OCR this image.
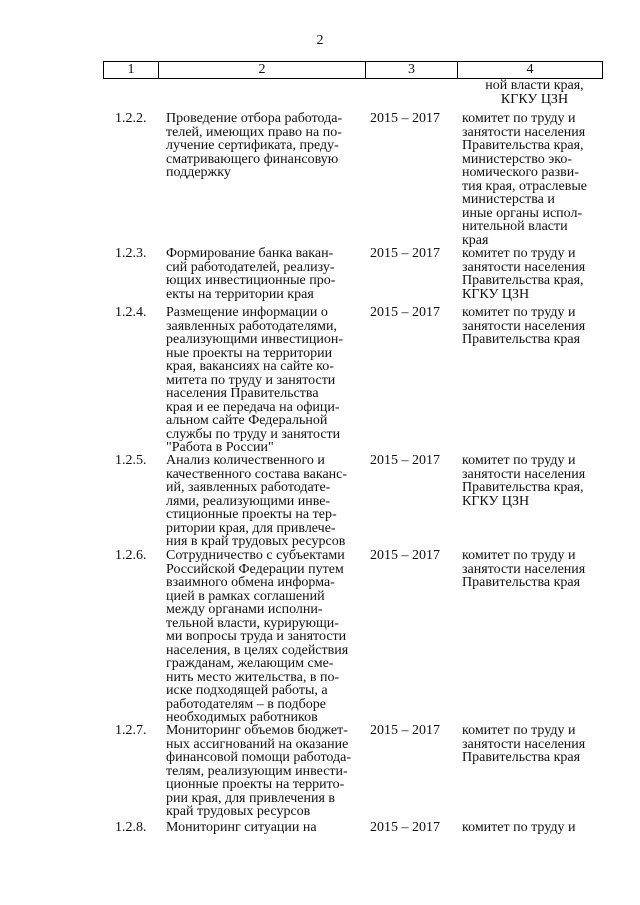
2
1	2	3	4
ной власти края,
КГКУ ЦЗН
1.2.2. Проведение отбора работода-
телей, имеющих право на по-
лучение сертификата, преду-
сматривающего финансовую
поддержку
2015 – 2017	комитет по труду и
занятости населения
Правительства края,
министерство эко-
номического разви-
тия края, отраслевые
министерства и
иные органы испол-
нительной власти
края
1.2.3. Формирование банка вакан-
сий работодателей, реализу-
ющих инвестиционные про-
екты на территории края
2015 – 2017	комитет по труду и
занятости населения
Правительства края,
КГКУ ЦЗН
1.2.4. Размещение информации о
заявленных работодателями,
реализующими инвестицион-
ные проекты на территории
края, вакансиях на сайте ко-
митета по труду и занятости
населения Правительства
края и ее передача на офици-
альном сайте Федеральной
службы по труду и занятости
"Работа в России"
2015 – 2017	комитет по труду и
занятости населения
Правительства края
1.2.5. Анализ количественного и
качественного состава ваканс-
ий, заявленных работодате-
лями, реализующими инве-
стиционные проекты на тер-
ритории края, для привлече-
ния в край трудовых ресурсов
2015 – 2017	комитет по труду и
занятости населения
Правительства края,
КГКУ ЦЗН
1.2.6. Сотрудничество с субъектами
Российской Федерации путем
взаимного обмена информа-
цией в рамках соглашений
между органами исполни-
тельной власти, курирующи-
ми вопросы труда и занятости
населения, в целях содействия
гражданам, желающим сме-
нить место жительства, в по-
иске подходящей работы, а
работодателям – в подборе
необходимых работников
2015 – 2017	комитет по труду и
занятости населения
Правительства края
1.2.7. Мониторинг объемов бюджет-
ных ассигнований на оказание
финансовой помощи работода-
телям, реализующим инвести-
ционные проекты на террито-
рии края, для привлечения в
край трудовых ресурсов
2015 – 2017	комитет по труду и
занятости населения
Правительства края
1.2.8. Мониторинг ситуации на	2015 – 2017	комитет по труду и
